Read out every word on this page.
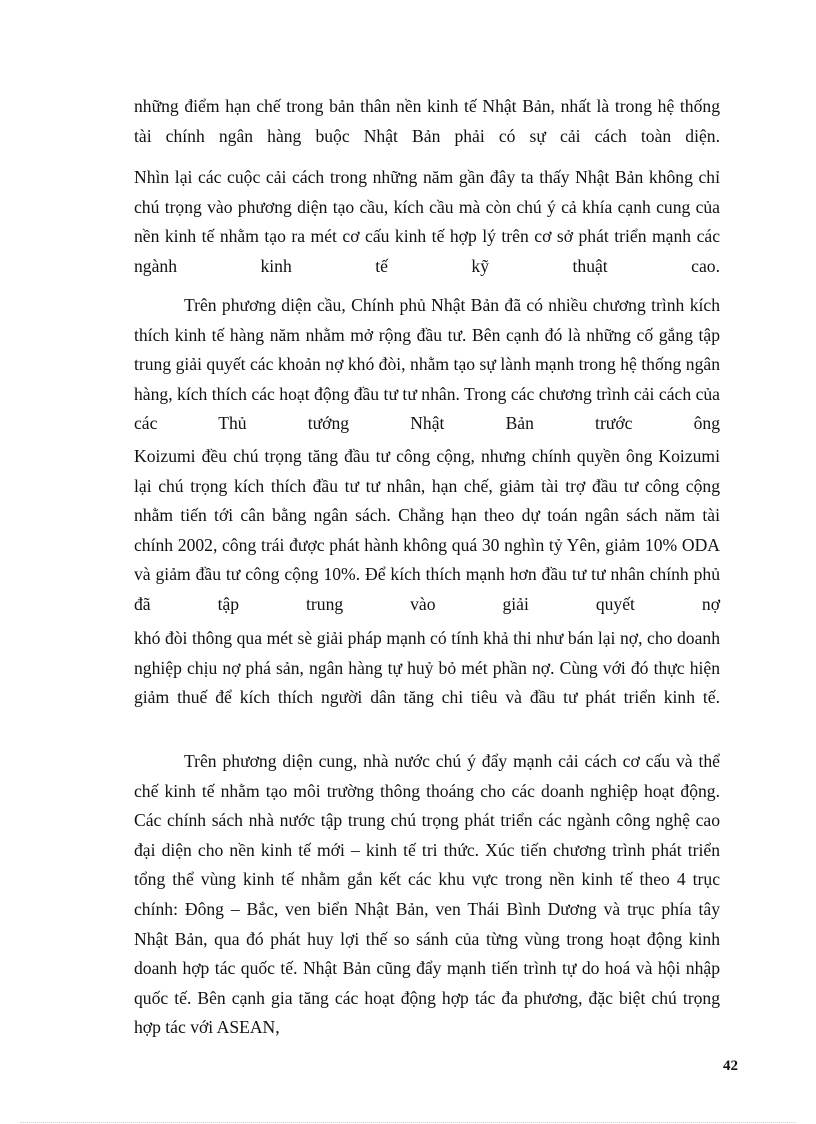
những điểm hạn chế trong bản thân nền kinh tế Nhật Bản, nhất là trong hệ thống tài chính ngân hàng buộc Nhật Bản phải có sự cải cách toàn diện.

Nhìn lại các cuộc cải cách trong những năm gần đây ta thấy Nhật Bản không chỉ chú trọng vào phương diện tạo cầu, kích cầu mà còn chú ý cả khía cạnh cung của nền kinh tế nhằm tạo ra mét cơ cấu kinh tế hợp lý trên cơ sở phát triển mạnh các ngành kinh tế kỹ thuật cao.

Trên phương diện cầu, Chính phủ Nhật Bản đã có nhiều chương trình kích thích kinh tế hàng năm nhằm mở rộng đầu tư. Bên cạnh đó là những cố gắng tập trung giải quyết các khoản nợ khó đòi, nhằm tạo sự lành mạnh trong hệ thống ngân hàng, kích thích các hoạt động đầu tư tư nhân. Trong các chương trình cải cách của các Thủ tướng Nhật Bản trước ông

Koizumi đều chú trọng tăng đầu tư công cộng, nhưng chính quyền ông Koizumi lại chú trọng kích thích đầu tư tư nhân, hạn chế, giảm tài trợ đầu tư công cộng nhằm tiến tới cân bằng ngân sách. Chẳng hạn theo dự toán ngân sách năm tài chính 2002, công trái được phát hành không quá 30 nghìn tỷ Yên, giảm 10% ODA và giảm đầu tư công cộng 10%. Để kích thích mạnh hơn đầu tư tư nhân chính phủ đã tập trung vào giải quyết nợ

khó đòi thông qua mét sè giải pháp mạnh có tính khả thi như bán lại nợ, cho doanh nghiệp chịu nợ phá sản, ngân hàng tự huỷ bỏ mét phần nợ. Cùng với đó thực hiện giảm thuế để kích thích người dân tăng chi tiêu và đầu tư phát triển kinh tế.

Trên phương diện cung, nhà nước chú ý đẩy mạnh cải cách cơ cấu và thể chế kinh tế nhằm tạo môi trường thông thoáng cho các doanh nghiệp hoạt động. Các chính sách nhà nước tập trung chú trọng phát triển các ngành công nghệ cao đại diện cho nền kinh tế mới – kinh tế tri thức. Xúc tiến chương trình phát triển tổng thể vùng kinh tế nhằm gắn kết các khu vực trong nền kinh tế theo 4 trục chính: Đông – Bắc, ven biển Nhật Bản, ven Thái Bình Dương và trục phía tây Nhật Bản, qua đó phát huy lợi thế so sánh của từng vùng trong hoạt động kinh doanh hợp tác quốc tế. Nhật Bản cũng đẩy mạnh tiến trình tự do hoá và hội nhập quốc tế. Bên cạnh gia tăng các hoạt động hợp tác đa phương, đặc biệt chú trọng hợp tác với ASEAN,

42
